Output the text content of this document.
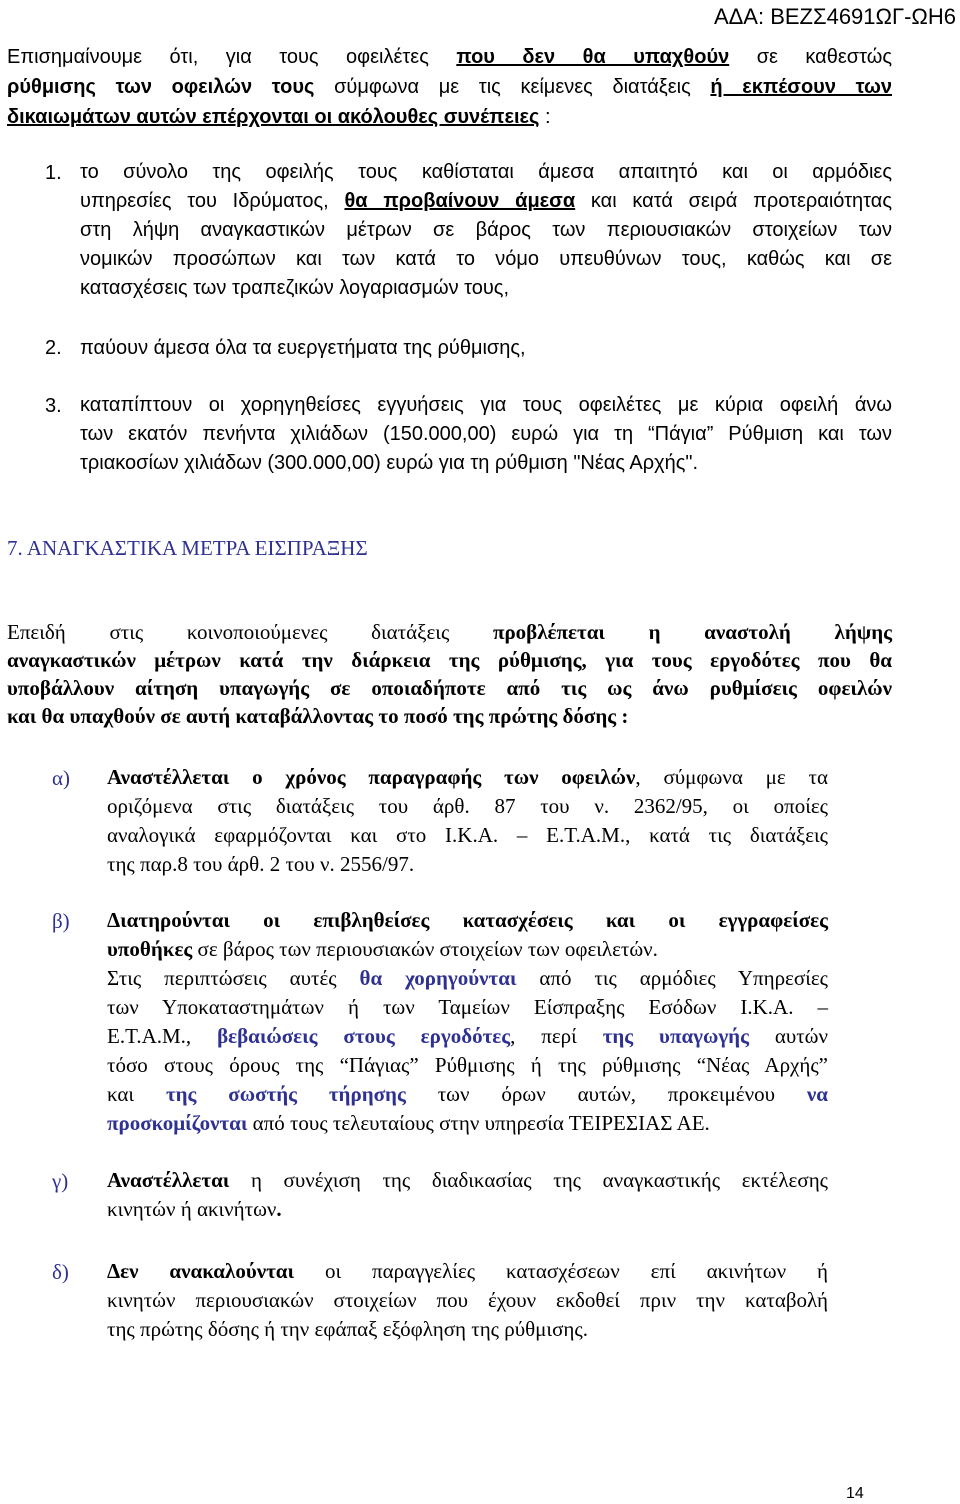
ΑΔΑ: ΒΕΖΣ4691ΩΓ-ΩΗ6
Επισημαίνουμε ότι, για τους οφειλέτες που δεν θα υπαχθούν σε καθεστώς
ρύθμισης των οφειλών τους σύμφωνα με τις κείμενες διατάξεις ή εκπέσουν των
δικαιωμάτων αυτών επέρχονται οι ακόλουθες συνέπειες :
1. το σύνολο της οφειλής τους καθίσταται άμεσα απαιτητό και οι αρμόδιες
υπηρεσίες του Ιδρύματος, θα προβαίνουν άμεσα και κατά σειρά προτεραιότητας
στη λήψη αναγκαστικών μέτρων σε βάρος των περιουσιακών στοιχείων των
νομικών προσώπων και των κατά το νόμο υπευθύνων τους, καθώς και σε
κατασχέσεις των τραπεζικών λογαριασμών τους,
2. παύουν άμεσα όλα τα ευεργετήματα της ρύθμισης,
3. καταπίπτουν οι χορηγηθείσες εγγυήσεις για τους οφειλέτες με κύρια οφειλή άνω
των εκατόν πενήντα χιλιάδων (150.000,00) ευρώ για τη “Πάγια” Ρύθμιση και των
τριακοσίων χιλιάδων (300.000,00) ευρώ για τη ρύθμιση "Νέας Αρχής".
7. ΑΝΑΓΚΑΣΤΙΚΑ ΜΕΤΡΑ ΕΙΣΠΡΑΞΗΣ
Επειδή στις κοινοποιούμενες διατάξεις προβλέπεται η αναστολή λήψης
αναγκαστικών μέτρων κατά την διάρκεια της ρύθμισης, για τους εργοδότες που θα
υποβάλλουν αίτηση υπαγωγής σε οποιαδήποτε από τις ως άνω ρυθμίσεις οφειλών
και θα υπαχθούν σε αυτή καταβάλλοντας το ποσό της πρώτης δόσης :
α) Αναστέλλεται ο χρόνος παραγραφής των οφειλών, σύμφωνα με τα
οριζόμενα στις διατάξεις του άρθ. 87 του ν. 2362/95, οι οποίες
αναλογικά εφαρμόζονται και στο Ι.Κ.Α. – Ε.Τ.Α.Μ., κατά τις διατάξεις
της παρ.8 του άρθ. 2 του ν. 2556/97.
β) Διατηρούνται οι επιβληθείσες κατασχέσεις και οι εγγραφείσες
υποθήκες σε βάρος των περιουσιακών στοιχείων των οφειλετών.
Στις περιπτώσεις αυτές θα χορηγούνται από τις αρμόδιες Υπηρεσίες
των Υποκαταστημάτων ή των Ταμείων Είσπραξης Εσόδων Ι.Κ.Α. –
Ε.Τ.Α.Μ., βεβαιώσεις στους εργοδότες, περί της υπαγωγής αυτών
τόσο στους όρους της “Πάγιας” Ρύθμισης ή της ρύθμισης “Νέας Αρχής”
και της σωστής τήρησης των όρων αυτών, προκειμένου να
προσκομίζονται από τους τελευταίους στην υπηρεσία ΤΕΙΡΕΣΙΑΣ ΑΕ.
γ) Αναστέλλεται η συνέχιση της διαδικασίας της αναγκαστικής εκτέλεσης
κινητών ή ακινήτων.
δ) Δεν ανακαλούνται οι παραγγελίες κατασχέσεων επί ακινήτων ή
κινητών περιουσιακών στοιχείων που έχουν εκδοθεί πριν την καταβολή
της πρώτης δόσης ή την εφάπαξ εξόφληση της ρύθμισης.
14
